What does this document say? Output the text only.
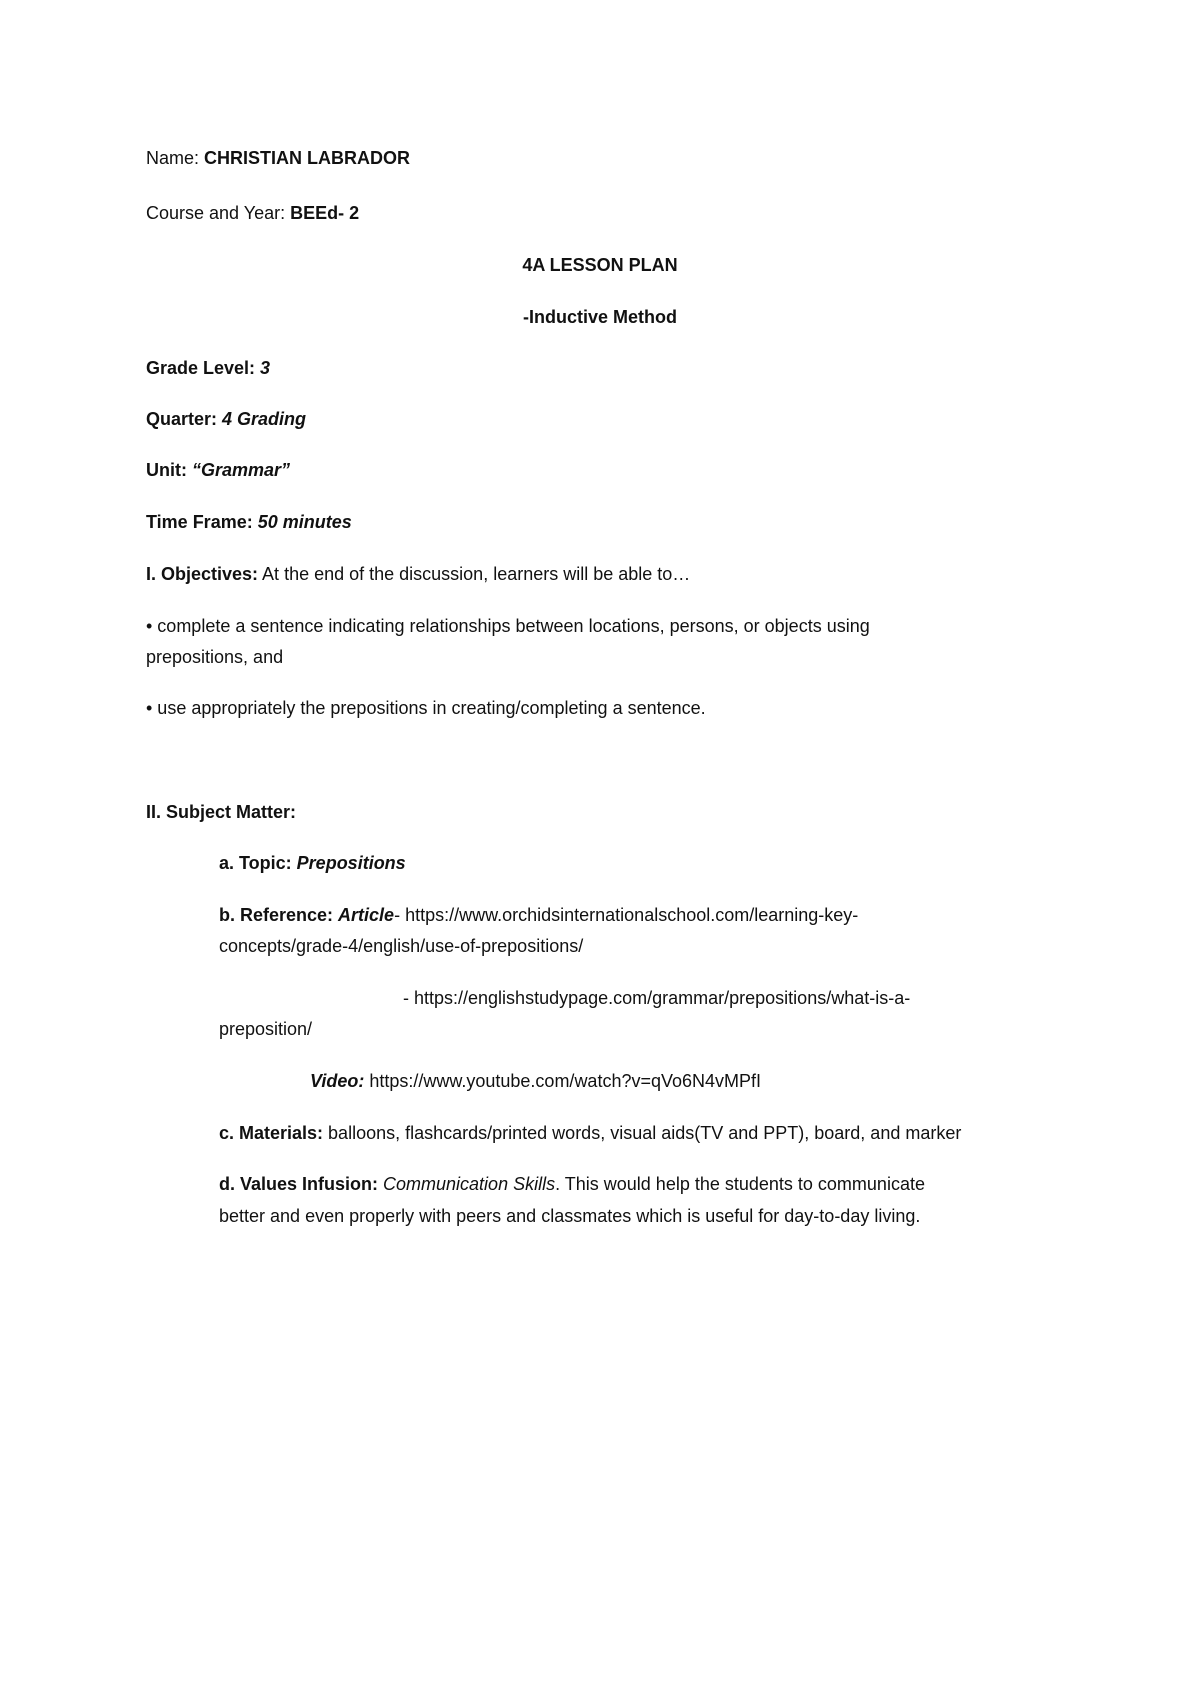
Name: CHRISTIAN LABRADOR
Course and Year: BEEd- 2
4A LESSON PLAN
-Inductive Method
Grade Level: 3
Quarter: 4 Grading
Unit: “Grammar”
Time Frame: 50 minutes
I. Objectives: At the end of the discussion, learners will be able to…
• complete a sentence indicating relationships between locations, persons, or objects using
prepositions, and
• use appropriately the prepositions in creating/completing a sentence.
II. Subject Matter:
a. Topic: Prepositions
b. Reference: Article- https://www.orchidsinternationalschool.com/learning-key-
concepts/grade-4/english/use-of-prepositions/
- https://englishstudypage.com/grammar/prepositions/what-is-a-
preposition/
Video: https://www.youtube.com/watch?v=qVo6N4vMPfI
c. Materials: balloons, flashcards/printed words, visual aids(TV and PPT), board, and marker
d. Values Infusion: Communication Skills. This would help the students to communicate
better and even properly with peers and classmates which is useful for day-to-day living.
